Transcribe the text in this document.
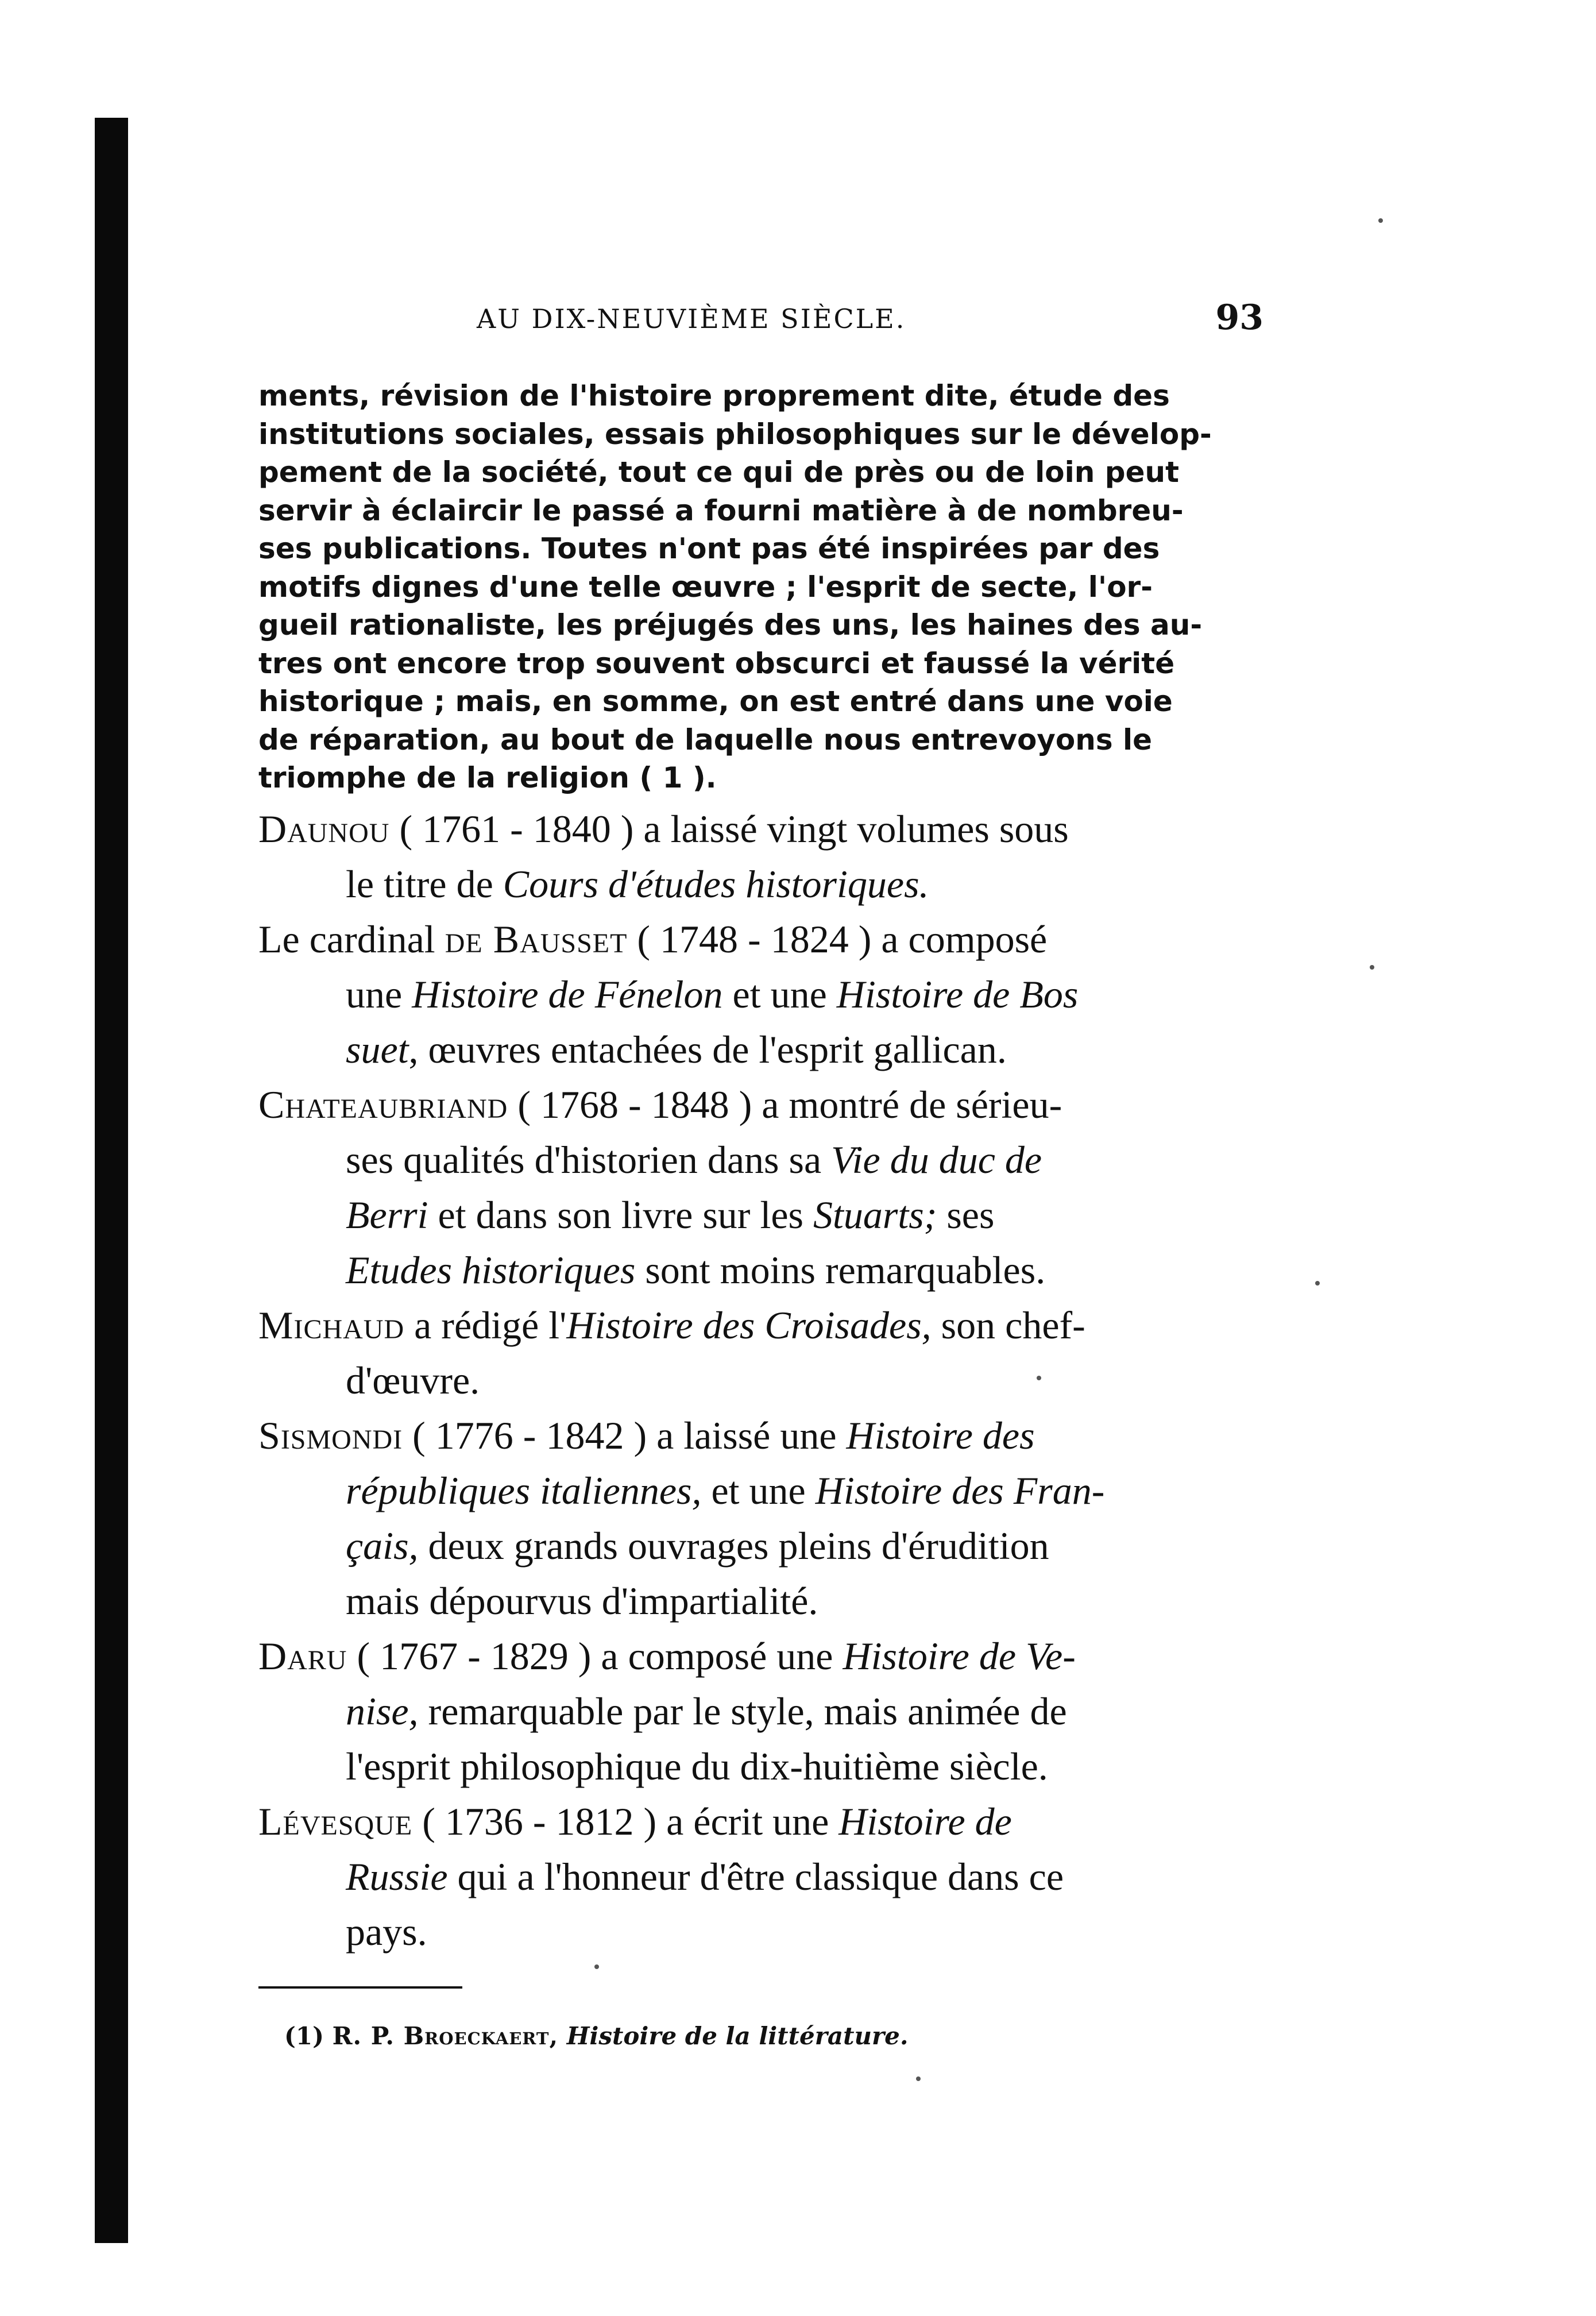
AU DIX-NEUVIÈME SIÈCLE.	93
ments, révision de l'histoire proprement dite, étude des
institutions sociales, essais philosophiques sur le dévelop-
pement de la société, tout ce qui de près ou de loin peut
servir à éclaircir le passé a fourni matière à de nombreu-
ses publications. Toutes n'ont pas été inspirées par des
motifs dignes d'une telle œuvre ; l'esprit de secte, l'or-
gueil rationaliste, les préjugés des uns, les haines des au-
tres ont encore trop souvent obscurci et faussé la vérité
historique ; mais, en somme, on est entré dans une voie
de réparation, au bout de laquelle nous entrevoyons le
triomphe de la religion ( 1 ).
Daunou ( 1761 - 1840 ) a laissé vingt volumes sous
le titre de Cours d'études historiques.
Le cardinal de Bausset ( 1748 - 1824 ) a composé
une Histoire de Fénelon et une Histoire de Bos
suet, œuvres entachées de l'esprit gallican.
Chateaubriand ( 1768 - 1848 ) a montré de sérieu-
ses qualités d'historien dans sa Vie du duc de
Berri et dans son livre sur les Stuarts; ses
Etudes historiques sont moins remarquables.
Michaud a rédigé l'Histoire des Croisades, son chef-
d'œuvre.
Sismondi ( 1776 - 1842 ) a laissé une Histoire des
républiques italiennes, et une Histoire des Fran-
çais, deux grands ouvrages pleins d'érudition
mais dépourvus d'impartialité.
Daru ( 1767 - 1829 ) a composé une Histoire de Ve-
nise, remarquable par le style, mais animée de
l'esprit philosophique du dix-huitième siècle.
Lévesque ( 1736 - 1812 ) a écrit une Histoire de
Russie qui a l'honneur d'être classique dans ce
pays.
(1) R. P. Broeckaert, Histoire de la littérature.
